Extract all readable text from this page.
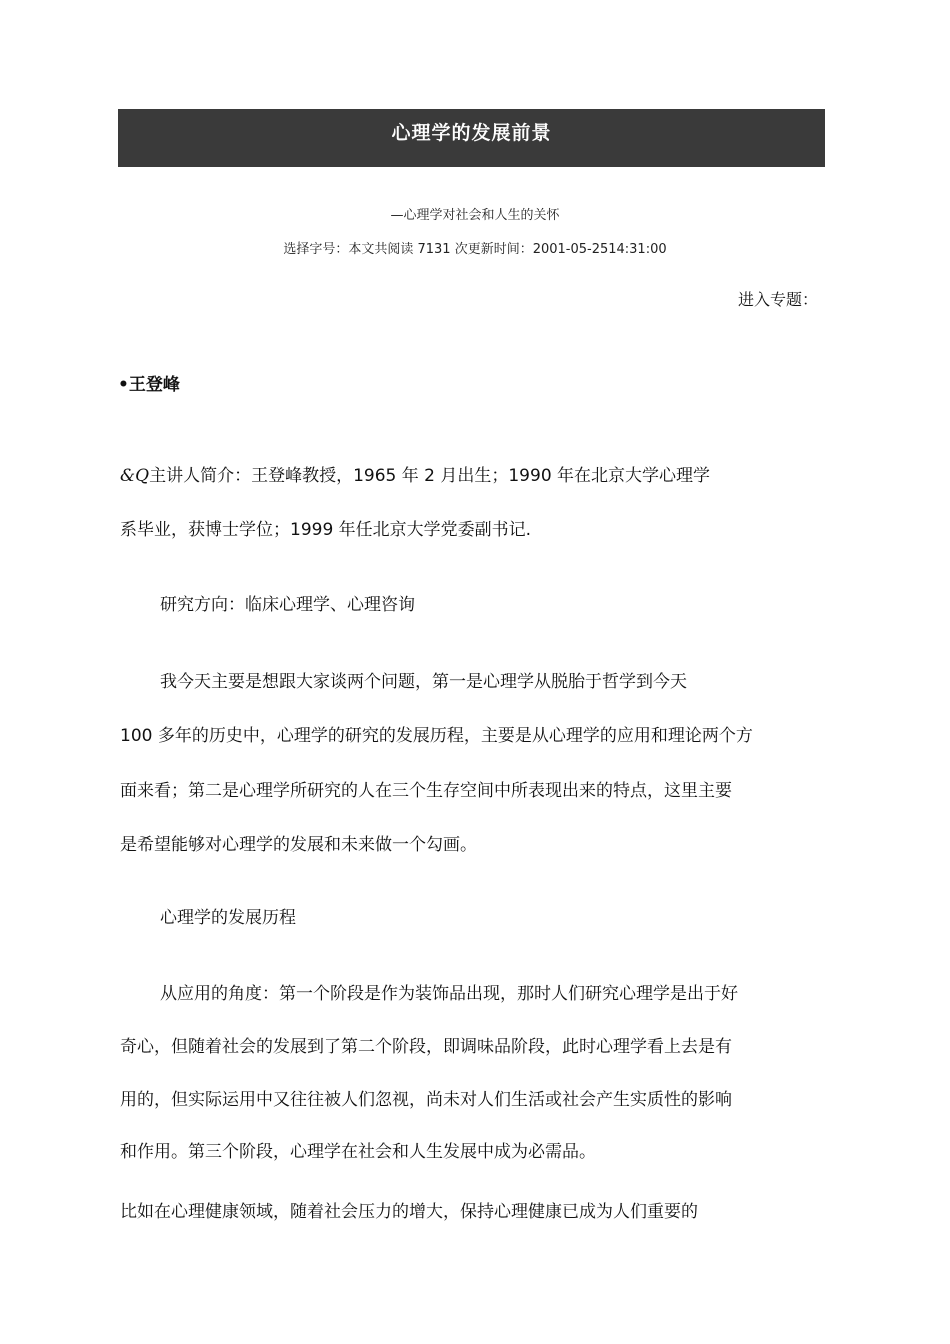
心理学的发展前景
—心理学对社会和人生的关怀
选择字号：本文共阅读 7131 次更新时间：2001-05-2514:31:00
进入专题：
•王登峰
&Q主讲人简介：王登峰教授，1965 年 2 月出生；1990 年在北京大学心理学
系毕业，获博士学位；1999 年任北京大学党委副书记.
研究方向：临床心理学、心理咨询
我今天主要是想跟大家谈两个问题，第一是心理学从脱胎于哲学到今天
100 多年的历史中，心理学的研究的发展历程，主要是从心理学的应用和理论两个方
面来看；第二是心理学所研究的人在三个生存空间中所表现出来的特点，这里主要
是希望能够对心理学的发展和未来做一个勾画。
心理学的发展历程
从应用的角度：第一个阶段是作为装饰品出现，那时人们研究心理学是出于好
奇心，但随着社会的发展到了第二个阶段，即调味品阶段，此时心理学看上去是有
用的，但实际运用中又往往被人们忽视，尚未对人们生活或社会产生实质性的影响
和作用。第三个阶段，心理学在社会和人生发展中成为必需品。
比如在心理健康领域，随着社会压力的增大，保持心理健康已成为人们重要的
